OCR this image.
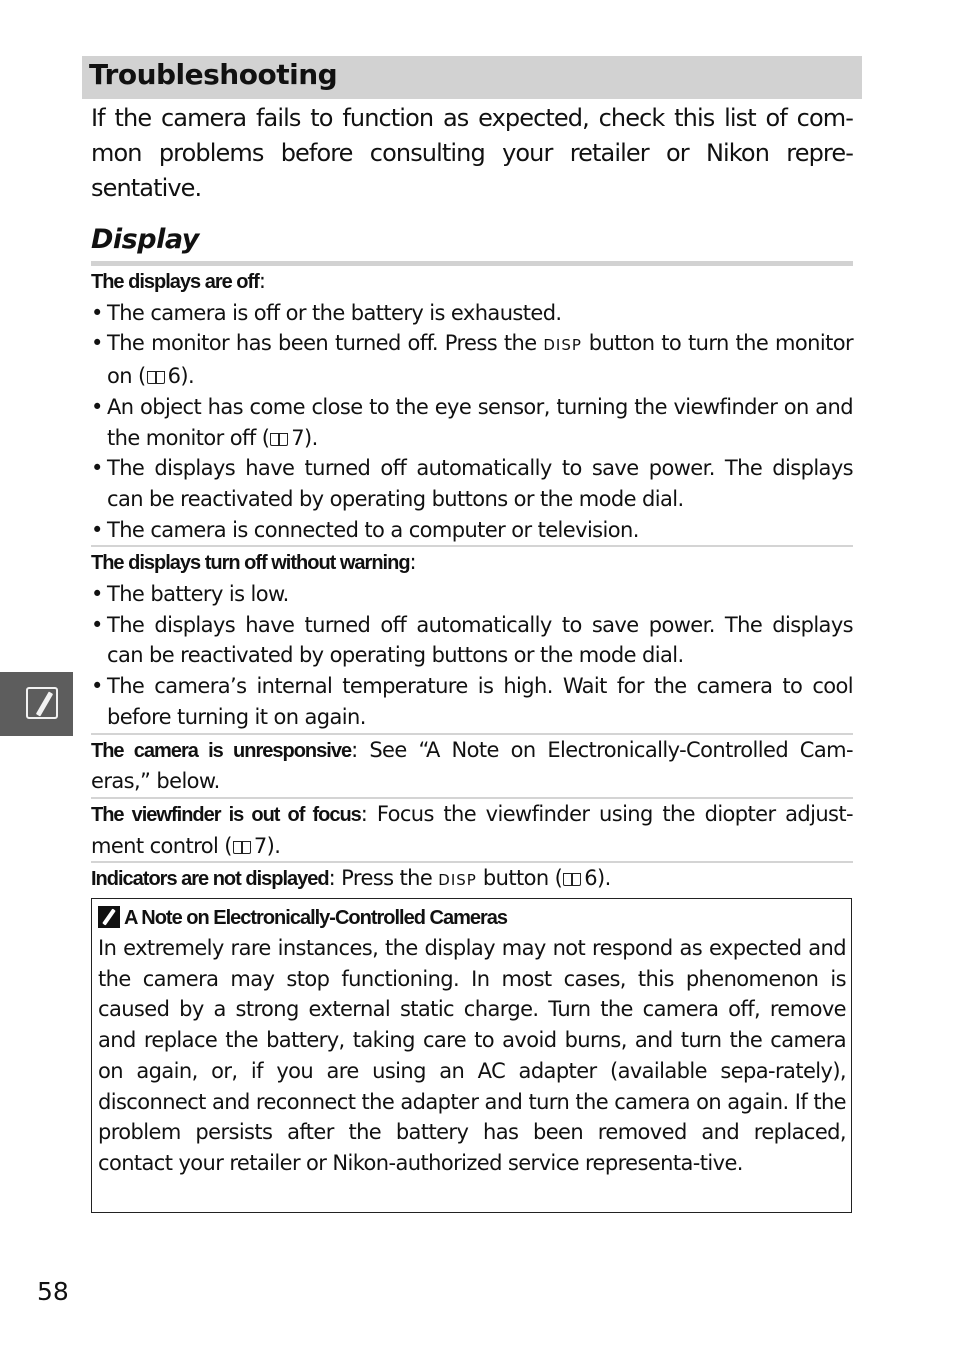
Troubleshooting
If the camera fails to function as expected, check this list of com-mon problems before consulting your retailer or Nikon repre-sentative.
Display
The displays are off:
• The camera is off or the battery is exhausted.
• The monitor has been turned off. Press the DISP button to turn the monitor on ( 6).
• An object has come close to the eye sensor, turning the viewfinder on and the monitor off ( 7).
• The displays have turned off automatically to save power. The displays can be reactivated by operating buttons or the mode dial.
• The camera is connected to a computer or television.
The displays turn off without warning:
• The battery is low.
• The displays have turned off automatically to save power. The displays can be reactivated by operating buttons or the mode dial.
• The camera’s internal temperature is high. Wait for the camera to cool before turning it on again.
The camera is unresponsive: See “A Note on Electronically-Controlled Cam-eras,” below.
The viewfinder is out of focus: Focus the viewfinder using the diopter adjust-ment control ( 7).
Indicators are not displayed: Press the DISP button ( 6).
A Note on Electronically-Controlled Cameras
In extremely rare instances, the display may not respond as expected and the camera may stop functioning. In most cases, this phenomenon is caused by a strong external static charge. Turn the camera off, remove and replace the battery, taking care to avoid burns, and turn the camera on again, or, if you are using an AC adapter (available sepa-rately), disconnect and reconnect the adapter and turn the camera on again. If the problem persists after the battery has been removed and replaced, contact your retailer or Nikon-authorized service representa-tive.
58
